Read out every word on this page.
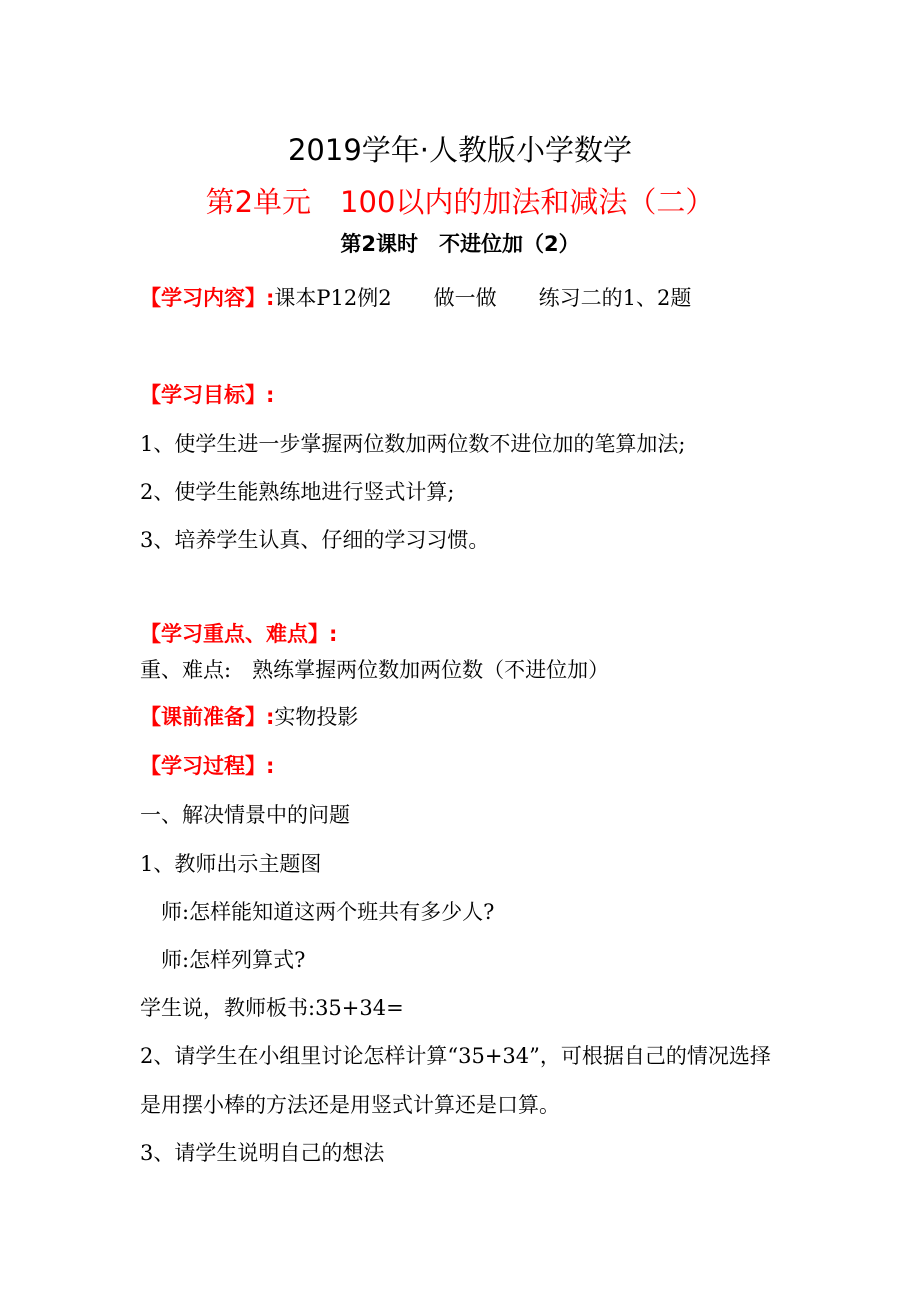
2019学年·人教版小学数学
第2单元　100以内的加法和减法（二）
第2课时　不进位加（2）
【学习内容】:课本P12例2　　做一做　　练习二的1、2题
【学习目标】:
1、使学生进一步掌握两位数加两位数不进位加的笔算加法;
2、使学生能熟练地进行竖式计算;
3、培养学生认真、仔细的学习习惯。
【学习重点、难点】:
重、难点:　熟练掌握两位数加两位数（不进位加）
【课前准备】:实物投影
【学习过程】:
一、解决情景中的问题
1、教师出示主题图
师:怎样能知道这两个班共有多少人?
师:怎样列算式?
学生说，教师板书:35+34=
2、请学生在小组里讨论怎样计算“35+34”，可根据自己的情况选择
是用摆小棒的方法还是用竖式计算还是口算。
3、请学生说明自己的想法
